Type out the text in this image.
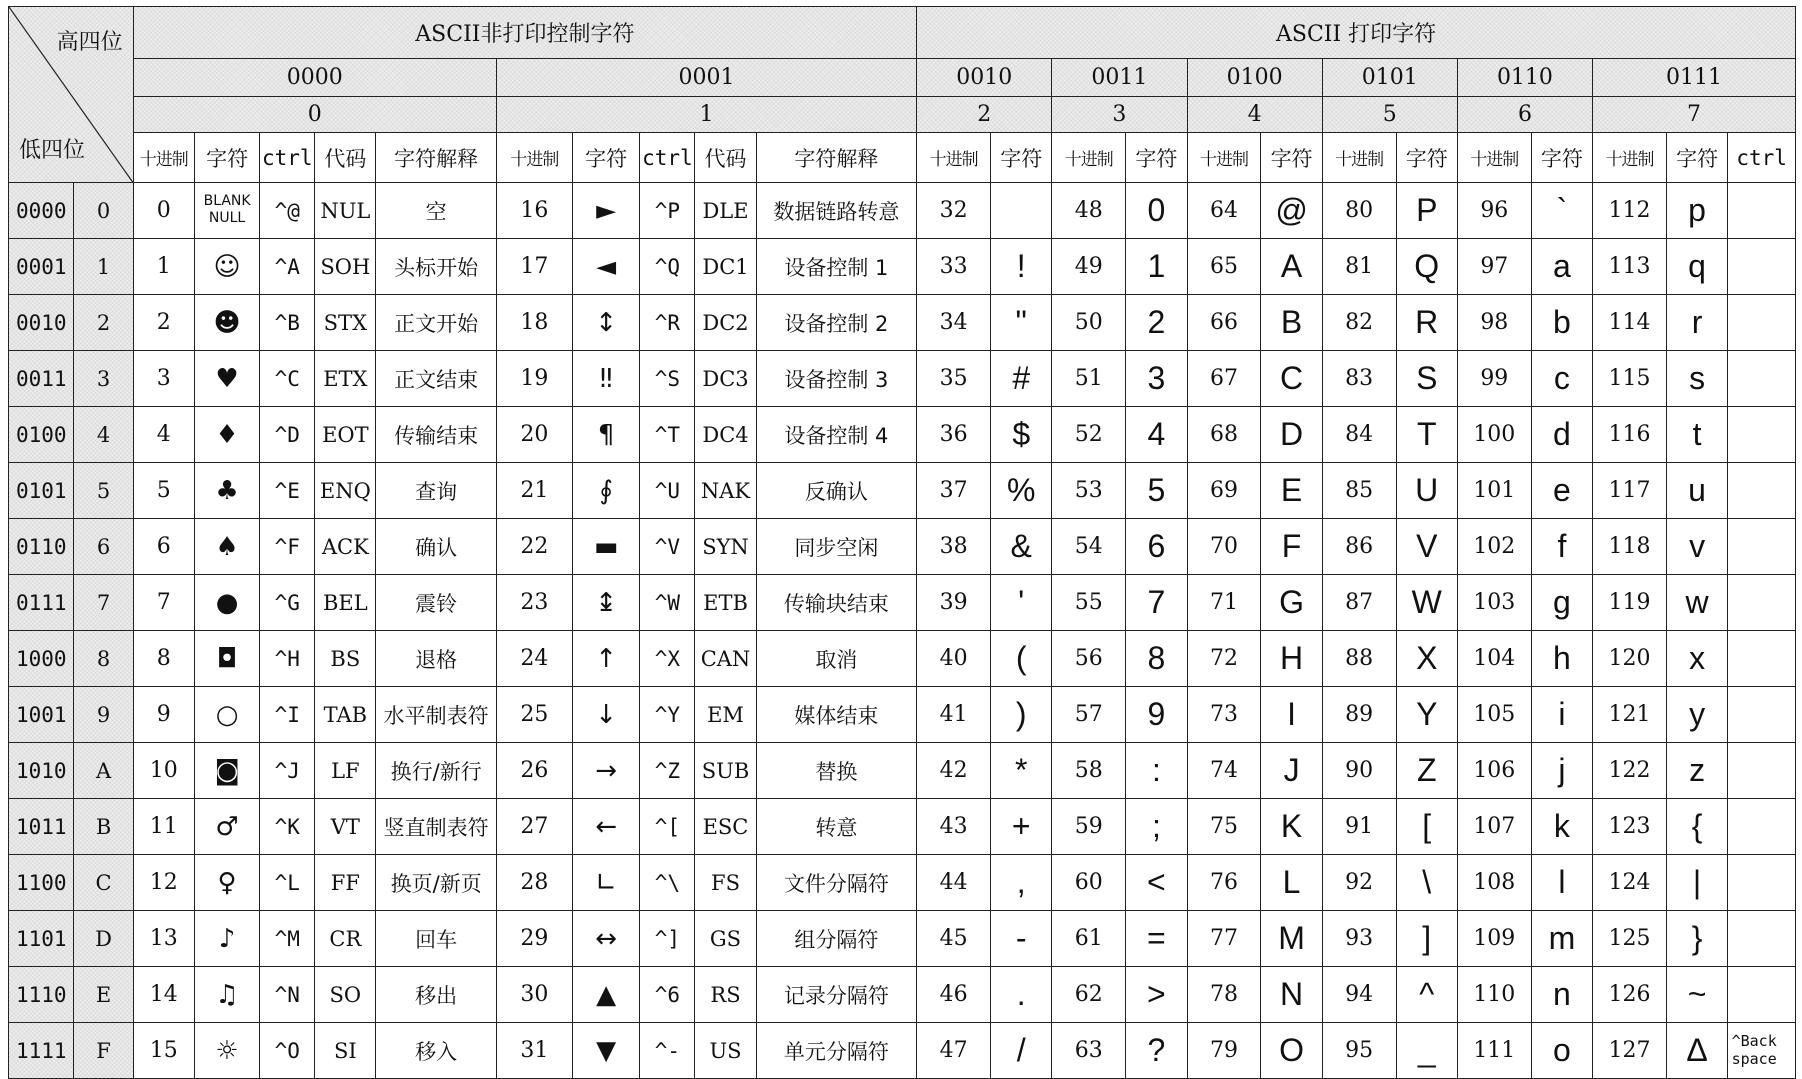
高四位
低四位		ASCII非打印控制字符										ASCII 打印字符												
		0000					0001					0010		0011		0100		0101		0110		0111		
		0					1					2		3		4		5		6		7		
		十进制	字符	ctrl	代码	字符解释	十进制	字符	ctrl	代码	字符解释	十进制	字符	十进制	字符	十进制	字符	十进制	字符	十进制	字符	十进制	字符	ctrl
0000	0	0	BLANK NULL	^@	NUL	空	16	►	^P	DLE	数据链路转意	32		48	0	64	@	80	P	96	`	112	p	
0001	1	1	☺	^A	SOH	头标开始	17	◄	^Q	DC1	设备控制 1	33	!	49	1	65	A	81	Q	97	a	113	q	
0010	2	2	☻	^B	STX	正文开始	18	↕	^R	DC2	设备控制 2	34	"	50	2	66	B	82	R	98	b	114	r	
0011	3	3	♥	^C	ETX	正文结束	19	‼	^S	DC3	设备控制 3	35	#	51	3	67	C	83	S	99	c	115	s	
0100	4	4	♦	^D	EOT	传输结束	20	¶	^T	DC4	设备控制 4	36	$	52	4	68	D	84	T	100	d	116	t	
0101	5	5	♣	^E	ENQ	查询	21	∮	^U	NAK	反确认	37	%	53	5	69	E	85	U	101	e	117	u	
0110	6	6	♠	^F	ACK	确认	22	▬	^V	SYN	同步空闲	38	&	54	6	70	F	86	V	102	f	118	v	
0111	7	7	●	^G	BEL	震铃	23	↨	^W	ETB	传输块结束	39	'	55	7	71	G	87	W	103	g	119	w	
1000	8	8	◘	^H	BS	退格	24	↑	^X	CAN	取消	40	(	56	8	72	H	88	X	104	h	120	x	
1001	9	9	○	^I	TAB	水平制表符	25	↓	^Y	EM	媒体结束	41	)	57	9	73	I	89	Y	105	i	121	y	
1010	A	10	◙	^J	LF	换行/新行	26	→	^Z	SUB	替换	42	*	58	:	74	J	90	Z	106	j	122	z	
1011	B	11	♂	^K	VT	竖直制表符	27	←	^[	ESC	转意	43	+	59	;	75	K	91	[	107	k	123	{	
1100	C	12	♀	^L	FF	换页/新页	28	∟	^\	FS	文件分隔符	44	,	60	<	76	L	92	\	108	l	124	|	
1101	D	13	♪	^M	CR	回车	29	↔	^]	GS	组分隔符	45	-	61	=	77	M	93	]	109	m	125	}	
1110	E	14	♫	^N	SO	移出	30	▲	^6	RS	记录分隔符	46	.	62	>	78	N	94	^	110	n	126	~	
1111	F	15	☼	^O	SI	移入	31	▼	^-	US	单元分隔符	47	/	63	?	79	O	95	_	111	o	127	Δ	^Back space
